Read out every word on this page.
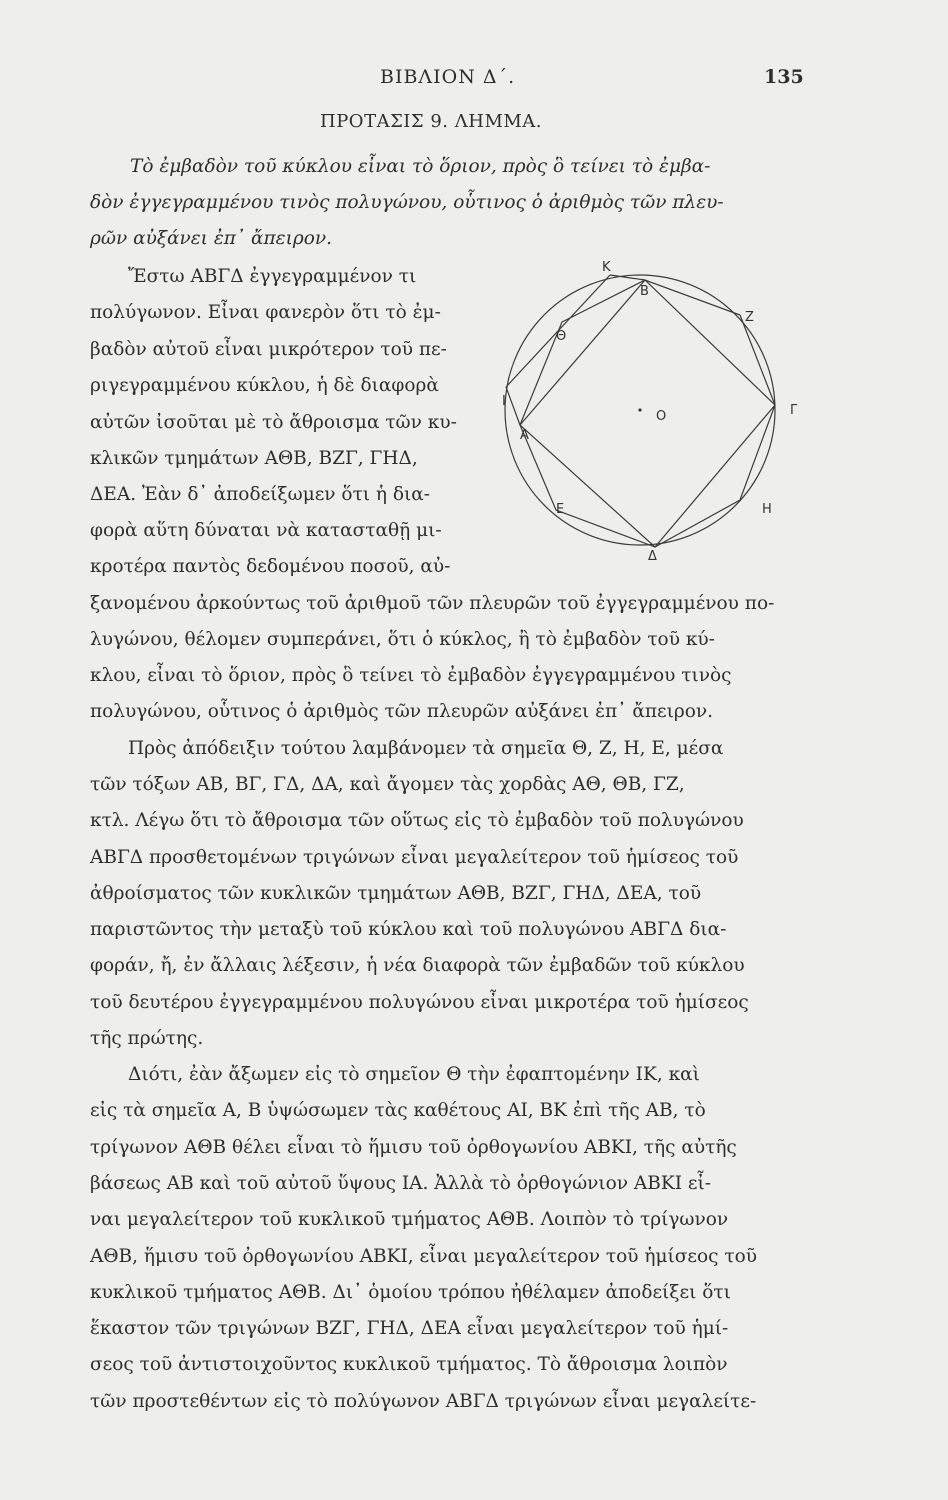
ΒΙΒΛΙΟΝ Δ΄.	135
ΠΡΟΤΑΣΙΣ 9. ΛΗΜΜΑ.
Τὸ ἐμβαδὸν τοῦ κύκλου εἶναι τὸ ὅριον, πρὸς ὃ τείνει τὸ ἐμβα-
δὸν ἐγγεγραμμένου τινὸς πολυγώνου, οὗτινος ὁ ἀριθμὸς τῶν πλευ-
ρῶν αὐξάνει ἐπ᾽ ἄπειρον.
Ἔστω ΑΒΓΔ ἐγγεγραμμένον τι
πολύγωνον. Εἶναι φανερὸν ὅτι τὸ ἐμ-
βαδὸν αὐτοῦ εἶναι μικρότερον τοῦ πε-
ριγεγραμμένου κύκλου, ἡ δὲ διαφορὰ
αὐτῶν ἰσοῦται μὲ τὸ ἄθροισμα τῶν κυ-
κλικῶν τμημάτων ΑΘΒ, ΒΖΓ, ΓΗΔ,
ΔΕΑ. Ἐὰν δ᾽ ἀποδείξωμεν ὅτι ἡ δια-
φορὰ αὕτη δύναται νὰ κατασταθῇ μι-
κροτέρα παντὸς δεδομένου ποσοῦ, αὐ-
ξανομένου ἀρκούντως τοῦ ἀριθμοῦ τῶν πλευρῶν τοῦ ἐγγεγραμμένου πο-
λυγώνου, θέλομεν συμπεράνει, ὅτι ὁ κύκλος, ἢ τὸ ἐμβαδὸν τοῦ κύ-
κλου, εἶναι τὸ ὅριον, πρὸς ὃ τείνει τὸ ἐμβαδὸν ἐγγεγραμμένου τινὸς
πολυγώνου, οὗτινος ὁ ἀριθμὸς τῶν πλευρῶν αὐξάνει ἐπ᾽ ἄπειρον.
Πρὸς ἀπόδειξιν τούτου λαμβάνομεν τὰ σημεῖα Θ, Ζ, Η, Ε, μέσα
τῶν τόξων ΑΒ, ΒΓ, ΓΔ, ΔΑ, καὶ ἄγομεν τὰς χορδὰς ΑΘ, ΘΒ, ΓΖ,
κτλ. Λέγω ὅτι τὸ ἄθροισμα τῶν οὕτως εἰς τὸ ἐμβαδὸν τοῦ πολυγώνου
ΑΒΓΔ προσθετομένων τριγώνων εἶναι μεγαλείτερον τοῦ ἡμίσεος τοῦ
ἀθροίσματος τῶν κυκλικῶν τμημάτων ΑΘΒ, ΒΖΓ, ΓΗΔ, ΔΕΑ, τοῦ
παριστῶντος τὴν μεταξὺ τοῦ κύκλου καὶ τοῦ πολυγώνου ΑΒΓΔ δια-
φοράν, ἤ, ἐν ἄλλαις λέξεσιν, ἡ νέα διαφορὰ τῶν ἐμβαδῶν τοῦ κύκλου
τοῦ δευτέρου ἐγγεγραμμένου πολυγώνου εἶναι μικροτέρα τοῦ ἡμίσεος
τῆς πρώτης.
Διότι, ἐὰν ἄξωμεν εἰς τὸ σημεῖον Θ τὴν ἐφαπτομένην ΙΚ, καὶ
εἰς τὰ σημεῖα Α, Β ὑψώσωμεν τὰς καθέτους ΑΙ, ΒΚ ἐπὶ τῆς ΑΒ, τὸ
τρίγωνον ΑΘΒ θέλει εἶναι τὸ ἥμισυ τοῦ ὀρθογωνίου ΑΒΚΙ, τῆς αὐτῆς
βάσεως ΑΒ καὶ τοῦ αὐτοῦ ὕψους ΙΑ. Ἀλλὰ τὸ ὀρθογώνιον ΑΒΚΙ εἶ-
ναι μεγαλείτερον τοῦ κυκλικοῦ τμήματος ΑΘΒ. Λοιπὸν τὸ τρίγωνον
ΑΘΒ, ἥμισυ τοῦ ὀρθογωνίου ΑΒΚΙ, εἶναι μεγαλείτερον τοῦ ἡμίσεος τοῦ
κυκλικοῦ τμήματος ΑΘΒ. Δι᾽ ὁμοίου τρόπου ἠθέλαμεν ἀποδείξει ὅτι
ἕκαστον τῶν τριγώνων ΒΖΓ, ΓΗΔ, ΔΕΑ εἶναι μεγαλείτερον τοῦ ἡμί-
σεος τοῦ ἀντιστοιχοῦντος κυκλικοῦ τμήματος. Τὸ ἄθροισμα λοιπὸν
τῶν προστεθέντων εἰς τὸ πολύγωνον ΑΒΓΔ τριγώνων εἶναι μεγαλείτε-
K
B
Z
Θ
I
A
O	Γ
E	H
Δ
